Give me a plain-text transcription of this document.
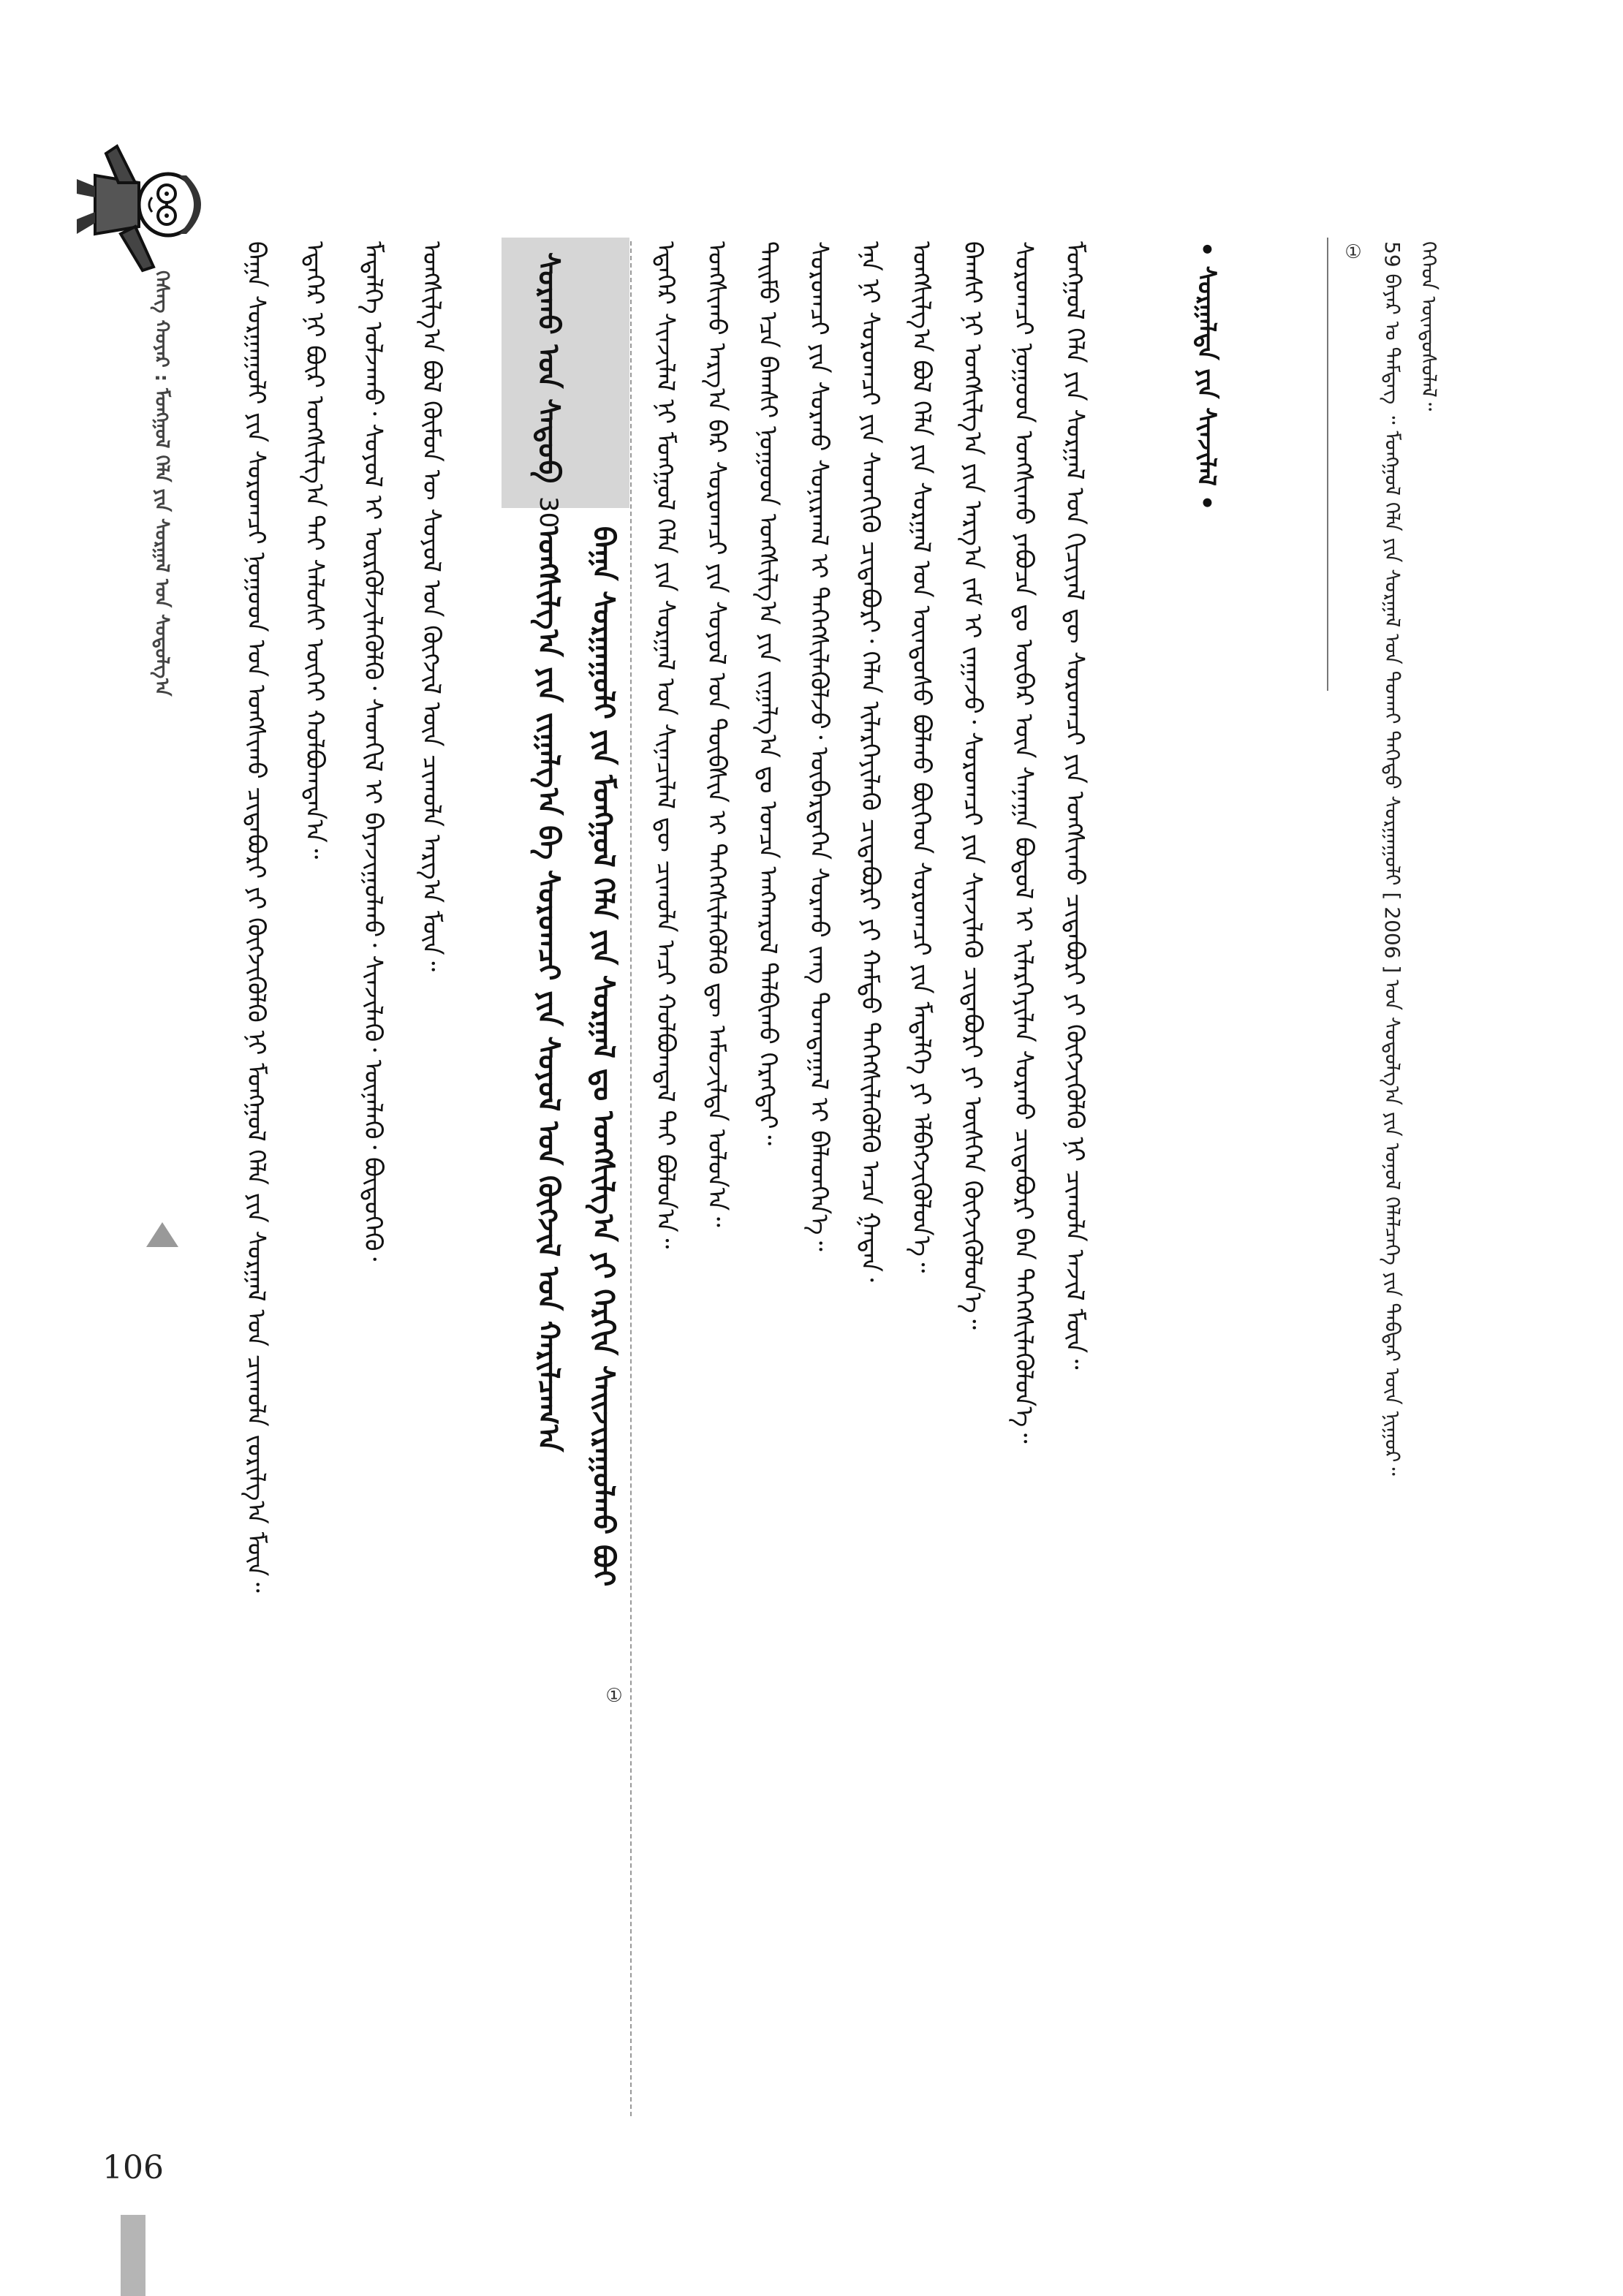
ᠬᠡᠰᠡᠭ᠌ ᠬᠣᠶᠠᠷ : ᠮᠣᠩᠭᠣᠯ ᠬᠡᠯᠡ ᠶᠢᠨ ᠰᠤᠷᠭᠠᠯ ᠤᠨ ᠰᠤᠳᠤᠯᠭ᠎ᠠ	59 ᠪᠠᠶᠠᠷ ᠤ ᠲᠡᠮᠳᠡᠭ ᠃ ᠮᠣᠩᠭᠣᠯ ᠬᠡᠯᠡ ᠶᠢᠨ ᠰᠤᠷᠭᠠᠯ ᠤᠨ ᠲᠤᠬᠠᠢ ᠳᠡᠭᠡᠳᠦ ᠰᠤᠷᠭᠠᠭᠤᠯᠢ [ 2006 ] ᠤᠨ ᠰᠤᠳᠤᠯᠭ᠎ᠠ ᠶᠢᠨ ᠣᠨᠤᠯ ᠬᠡᠯᠡᠯᠴᠡᠭᠡ ᠶᠢᠨ ᠳᠡᠪᠲᠡᠷ ᠦᠨ ᠨᠢᠭᠤᠷ᠃
①	ᠬᠡᠭᠡᠳ ᠦᠨᠳᠦᠰᠦᠯᠡᠯ᠃
• ᠰᠤᠷᠭᠠᠯᠲᠠ ᠶᠢᠨ ᠰᠢᠨᠵᠢᠯᠡᠯ •
ᠮᠣᠩᠭᠣᠯ ᠬᠡᠯᠡ ᠶᠢᠨ ᠰᠤᠷᠭᠠᠯ ᠤᠨ ᠬᠢᠴᠢᠶᠡᠯ ᠳᠦ ᠰᠤᠷᠤᠭᠴᠢ ᠶᠢᠨ ᠤᠩᠰᠢᠬᠤ ᠴᠢᠳᠠᠪᠤᠷᠢ ᠶᠢ ᠬᠦᠭᠵᠢᠭᠦᠯᠬᠦ ᠨᠢ ᠴᠢᠬᠤᠯᠠ ᠠᠵᠢᠯ ᠮᠥᠨ᠃
ᠰᠤᠷᠤᠭᠴᠢ ᠨᠤᠭᠤᠳ ᠤᠩᠰᠢᠬᠤ ᠶᠠᠪᠤᠴᠠ ᠳᠤ ᠥᠪᠡᠷ ᠦᠨ ᠰᠠᠨᠠᠭᠠ ᠪᠣᠳᠤᠯ ᠢ ᠢᠯᠡᠷᠬᠡᠶᠢᠯᠡᠨ ᠰᠤᠷᠬᠤ ᠴᠢᠳᠠᠪᠤᠷᠢ ᠪᠡᠨ ᠳᠡᠭᠡᠭᠰᠢᠯᠡᠭᠦᠯᠦᠨ᠎ᠡ᠃
ᠪᠠᠭᠰᠢ ᠨᠢ ᠤᠩᠰᠢᠯᠭ᠎ᠠ ᠶᠢᠨ ᠠᠷᠭ᠎ᠠ ᠵᠠᠮ ᠢ ᠵᠠᠭᠠᠵᠤ᠂ ᠰᠤᠷᠤᠭᠴᠢ ᠶᠢᠨ ᠰᠢᠨᠵᠢᠯᠡᠬᠦ ᠴᠢᠳᠠᠪᠤᠷᠢ ᠶᠢ ᠥᠰᠬᠡᠨ ᠬᠥᠭᠵᠢᠭᠦᠯᠦᠨ᠎ᠡ᠃
ᠤᠩᠰᠢᠯᠭ᠎ᠠ ᠪᠣᠯ ᠬᠡᠯᠡ ᠶᠢᠨ ᠰᠤᠷᠭᠠᠯ ᠤᠨ ᠦᠨᠳᠦᠰᠦ ᠪᠣᠯᠬᠤ ᠪᠥᠭᠡᠳ ᠰᠤᠷᠤᠭᠴᠢ ᠶᠢᠨ ᠮᠡᠳᠡᠯᠭᠡ ᠶᠢ ᠡᠯᠪᠡᠭᠵᠢᠭᠦᠯᠦᠨ᠎ᠡ᠃
ᠡᠨᠡ ᠨᠢ ᠰᠤᠷᠤᠭᠴᠢ ᠶᠢᠨ ᠰᠡᠳᠬᠢᠬᠦ ᠴᠢᠳᠠᠪᠤᠷᠢ᠂ ᠬᠡᠯᠡᠨ ᠢᠯᠡᠷᠬᠡᠶᠢᠯᠡᠬᠦ ᠴᠢᠳᠠᠪᠤᠷᠢ ᠶᠢ ᠬᠠᠮᠲᠤ ᠳᠡᠭᠡᠭᠰᠢᠯᠡᠭᠦᠯᠬᠦ ᠠᠴᠠ ᠭᠠᠳᠠᠨ᠂
ᠰᠤᠷᠤᠭᠴᠢ ᠶᠢᠨ ᠰᠤᠷᠬᠤ ᠰᠣᠨᠢᠷᠬᠠᠯ ᠢ ᠳᠡᠭᠡᠭᠰᠢᠯᠡᠭᠦᠯᠵᠦ᠂ ᠥᠪᠡᠷᠳᠡᠭᠡᠨ ᠰᠤᠷᠬᠤ ᠵᠠᠩ ᠲᠣᠭᠲᠠᠭᠠᠯ ᠢ ᠪᠡᠯᠡᠳᠬᠡᠨ᠎ᠡ᠃
ᠲᠡᠢᠮᠦ ᠡᠴᠡ ᠪᠠᠭᠰᠢ ᠨᠤᠭᠤᠳ ᠤᠩᠰᠢᠯᠭ᠎ᠠ ᠶᠢᠨ ᠵᠢᠭᠠᠯᠭ᠎ᠠ ᠳᠤ ᠣᠨᠴᠠ ᠠᠩᠬᠠᠷᠤᠯ ᠲᠠᠯᠪᠢᠬᠤ ᠬᠡᠷᠡᠭᠲᠡᠢ᠃
ᠤᠩᠰᠢᠬᠤ ᠠᠷᠭ᠎ᠠ ᠪᠠᠷ ᠰᠤᠷᠤᠭᠴᠢ ᠶᠢᠨ ᠰᠣᠶᠤᠯ ᠤᠨ ᠲᠥᠪᠰᠢᠨ ᠢ ᠳᠡᠭᠡᠭᠰᠢᠯᠡᠭᠦᠯᠬᠦ ᠳᠦ ᠠᠮᠤᠵᠢᠯᠲᠠ ᠣᠯᠤᠨ᠎ᠠ᠃
ᠡᠳᠡᠭᠡᠷ ᠰᠢᠨᠵᠢᠯᠡᠯ ᠨᠢ ᠮᠣᠩᠭᠣᠯ ᠬᠡᠯᠡ ᠶᠢᠨ ᠰᠤᠷᠭᠠᠯ ᠤᠨ ᠰᠢᠨᠡᠴᠢᠯᠡᠯ ᠳᠦ ᠴᠢᠬᠤᠯᠠ ᠠᠴᠢ ᠬᠣᠯᠪᠣᠭᠳᠠᠯ ᠲᠠᠢ ᠪᠣᠯᠤᠨ᠎ᠠ᠃
ᠰᠤᠷᠬᠤ ᠤᠨ ᠰᠡᠳᠦᠪ30
ᠪᠠᠭᠠ ᠰᠤᠷᠭᠠᠭᠤᠯᠢ ᠶᠢᠨ ᠮᠣᠩᠭᠣᠯ ᠬᠡᠯᠡ ᠶᠢᠨ ᠰᠤᠷᠭᠠᠯ ᠳᠤ ᠤᠩᠰᠢᠯᠭ᠎ᠠ ᠶᠢ ᠬᠡᠷᠬᠢᠨ ᠰᠠᠢᠵᠢᠷᠠᠭᠤᠯᠬᠤ ᠪᠤᠢ
ᠤᠩᠰᠢᠯᠭ᠎ᠠ ᠶᠢᠨ ᠵᠢᠭᠠᠯᠭ᠎ᠠ ᠪᠠ ᠰᠤᠷᠤᠭᠴᠢ ᠶᠢᠨ ᠰᠣᠶᠤᠯ ᠤᠨ ᠬᠥᠭᠵᠢᠯ ᠤᠨ ᠬᠠᠷᠢᠯᠴᠠᠭ᠎ᠠ
①
ᠤᠩᠰᠢᠯᠭ᠎ᠠ ᠪᠣᠯ ᠬᠦᠮᠦᠨ ᠦ ᠰᠣᠶᠤᠯ ᠤᠨ ᠬᠥᠭᠵᠢᠯ ᠦᠨ ᠴᠢᠬᠤᠯᠠ ᠠᠷᠭ᠎ᠠ ᠮᠥᠨ᠃
ᠮᠡᠳᠡᠯᠭᠡ ᠣᠯᠵᠠᠬᠤ᠂ ᠰᠣᠶᠤᠯ ᠢ ᠦᠷᠭᠦᠯᠵᠢᠯᠡᠭᠦᠯᠬᠦ᠂ ᠰᠡᠳᠬᠢᠯ ᠢ ᠪᠠᠶᠠᠵᠢᠭᠤᠯᠬᠤ᠂ ᠰᠢᠨᠵᠢᠯᠡᠬᠦ᠂ ᠦᠨᠡᠯᠡᠬᠦ᠂ ᠪᠦᠲᠦᠭᠡᠬᠦ᠂
ᠡᠳᠡᠭᠡᠷ ᠨᠢ ᠪᠦᠷ ᠤᠩᠰᠢᠯᠭ᠎ᠠ ᠲᠠᠢ ᠰᠠᠯᠤᠰᠢ ᠦᠭᠡᠢ ᠬᠣᠯᠪᠣᠭᠳᠠᠨ᠎ᠠ᠃
ᠪᠠᠭᠠ ᠰᠤᠷᠭᠠᠭᠤᠯᠢ ᠶᠢᠨ ᠰᠤᠷᠤᠭᠴᠢ ᠨᠤᠭᠤᠳ ᠤᠨ ᠤᠩᠰᠢᠬᠤ ᠴᠢᠳᠠᠪᠤᠷᠢ ᠶᠢ ᠬᠥᠭᠵᠢᠭᠦᠯᠬᠦ ᠨᠢ ᠮᠣᠩᠭᠣᠯ ᠬᠡᠯᠡ ᠶᠢᠨ ᠰᠤᠷᠭᠠᠯ ᠤᠨ ᠴᠢᠬᠤᠯᠠ ᠵᠣᠷᠢᠯᠭ᠎ᠠ ᠮᠥᠨ᠃
106
